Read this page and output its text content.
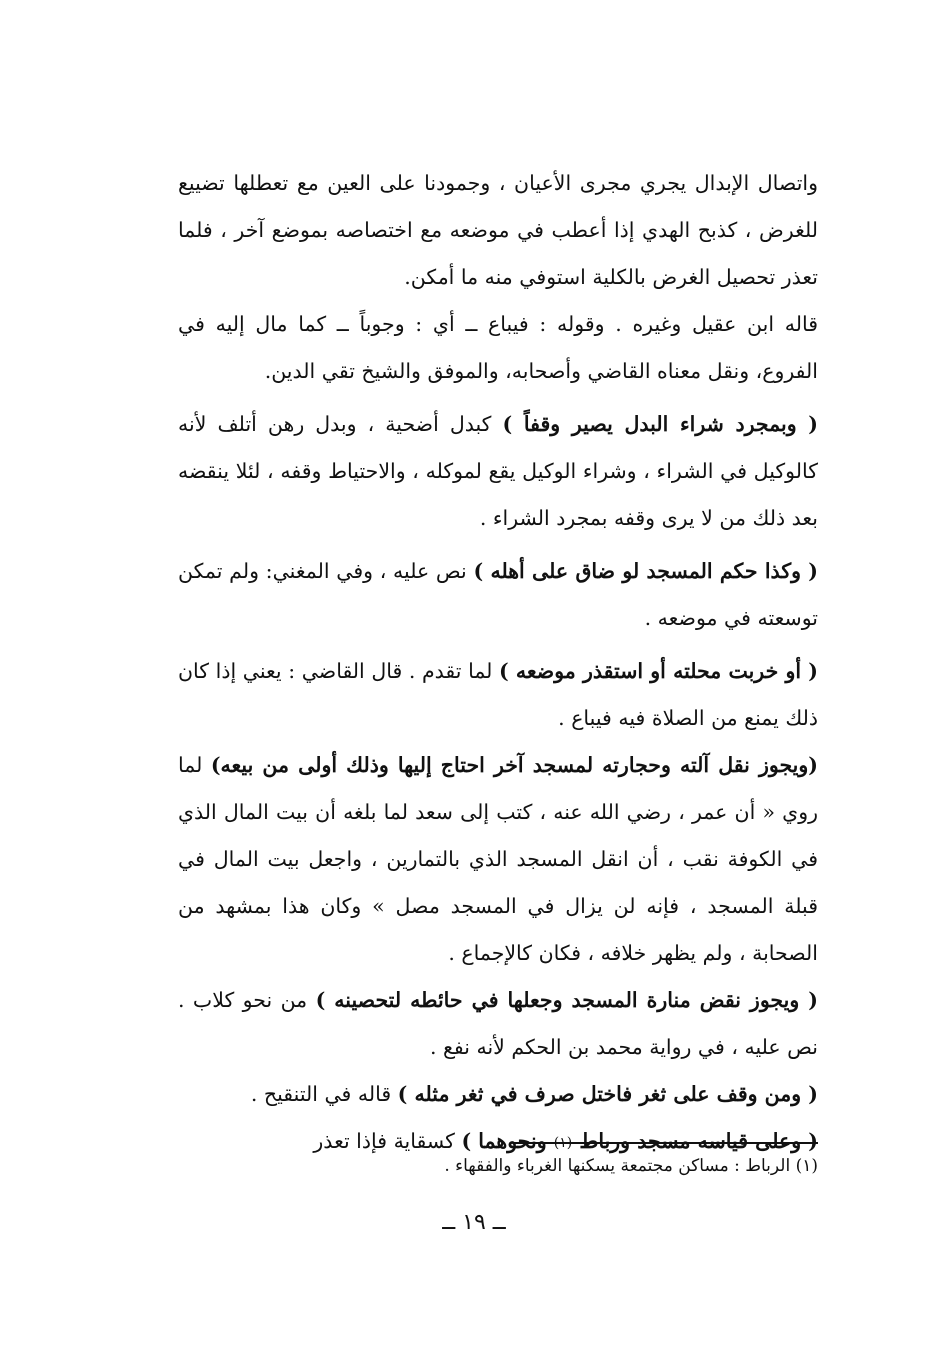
واتصال الإبدال يجري مجرى الأعيان ، وجمودنا على العين مع تعطلها تضييع للغرض ، كذبح الهدي إذا أعطب في موضعه مع اختصاصه بموضع آخر ، فلما تعذر تحصيل الغرض بالكلية استوفي منه ما أمكن.

قاله ابن عقيل وغيره . وقوله : فيباع ــ أي : وجوباً ــ كما مال إليه في الفروع، ونقل معناه القاضي وأصحابه، والموفق والشيخ تقي الدين.

( وبمجرد شراء البدل يصير وقفاً ) كبدل أضحية ، وبدل رهن أتلف لأنه كالوكيل في الشراء ، وشراء الوكيل يقع لموكله ، والاحتياط وقفه ، لئلا ينقضه بعد ذلك من لا يرى وقفه بمجرد الشراء .

( وكذا حكم المسجد لو ضاق على أهله ) نص عليه ، وفي المغني: ولم تمكن توسعته في موضعه .

( أو خربت محلته أو استقذر موضعه ) لما تقدم . قال القاضي : يعني إذا كان ذلك يمنع من الصلاة فيه فيباع .

(ويجوز نقل آلته وحجارته لمسجد آخر احتاج إليها وذلك أولى من بيعه) لما روي « أن عمر ، رضي الله عنه ، كتب إلى سعد لما بلغه أن بيت المال الذي في الكوفة نقب ، أن انقل المسجد الذي بالتمارين ، واجعل بيت المال في قبلة المسجد ، فإنه لن يزال في المسجد مصل » وكان هذا بمشهد من الصحابة ، ولم يظهر خلافه ، فكان كالإجماع .

( ويجوز نقض منارة المسجد وجعلها في حائطه لتحصينه ) من نحو كلاب . نص عليه ، في رواية محمد بن الحكم لأنه نفع .

( ومن وقف على ثغر فاختل صرف في ثغر مثله ) قاله في التنقيح .

( وعلى قياسه مسجد ورباط (١) ونحوهما ) كسقاية فإذا تعذر

(١) الرباط : مساكن مجتمعة يسكنها الغرباء والفقهاء .

ــ ١٩ ــ
